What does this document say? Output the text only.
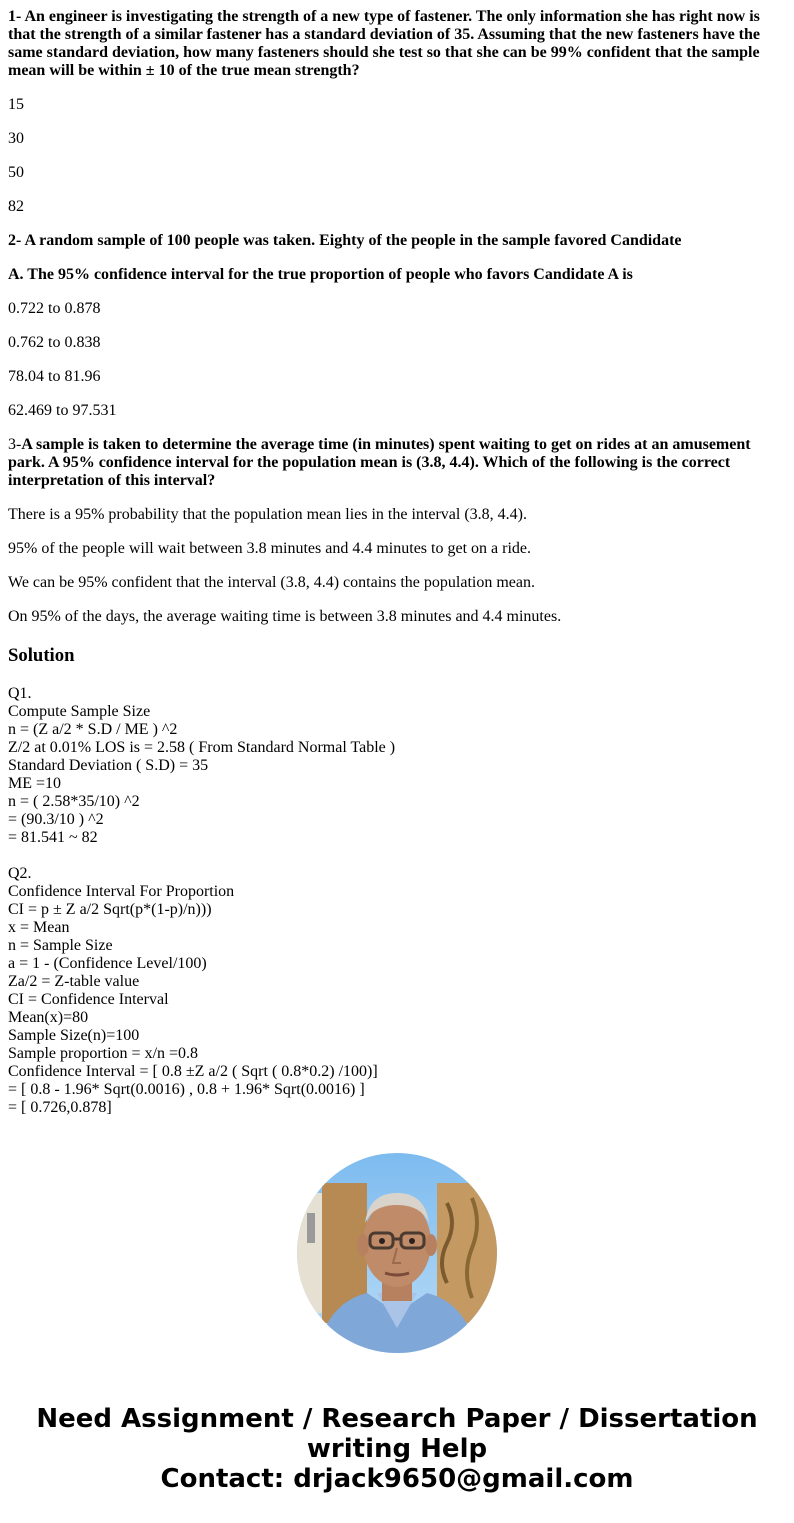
1- An engineer is investigating the strength of a new type of fastener. The only information she has right now is that the strength of a similar fastener has a standard deviation of 35. Assuming that the new fasteners have the same standard deviation, how many fasteners should she test so that she can be 99% confident that the sample mean will be within ± 10 of the true mean strength?
15
30
50
82
2- A random sample of 100 people was taken. Eighty of the people in the sample favored Candidate
A. The 95% confidence interval for the true proportion of people who favors Candidate A is
0.722 to 0.878
0.762 to 0.838
78.04 to 81.96
62.469 to 97.531
3-A sample is taken to determine the average time (in minutes) spent waiting to get on rides at an amusement park. A 95% confidence interval for the population mean is (3.8, 4.4). Which of the following is the correct interpretation of this interval?
There is a 95% probability that the population mean lies in the interval (3.8, 4.4).
95% of the people will wait between 3.8 minutes and 4.4 minutes to get on a ride.
We can be 95% confident that the interval (3.8, 4.4) contains the population mean.
On 95% of the days, the average waiting time is between 3.8 minutes and 4.4 minutes.
Solution
Q1.
Compute Sample Size
n = (Z a/2 * S.D / ME ) ^2
Z/2 at 0.01% LOS is = 2.58 ( From Standard Normal Table )
Standard Deviation ( S.D) = 35
ME =10
n = ( 2.58*35/10) ^2
= (90.3/10 ) ^2
= 81.541 ~ 82
Q2.
Confidence Interval For Proportion
CI = p ± Z a/2 Sqrt(p*(1-p)/n)))
x = Mean
n = Sample Size
a = 1 - (Confidence Level/100)
Za/2 = Z-table value
CI = Confidence Interval
Mean(x)=80
Sample Size(n)=100
Sample proportion = x/n =0.8
Confidence Interval = [ 0.8 ±Z a/2 ( Sqrt ( 0.8*0.2) /100)]
= [ 0.8 - 1.96* Sqrt(0.0016) , 0.8 + 1.96* Sqrt(0.0016) ]
= [ 0.726,0.878]
Need Assignment / Research Paper / Dissertation
writing Help
Contact: drjack9650@gmail.com
